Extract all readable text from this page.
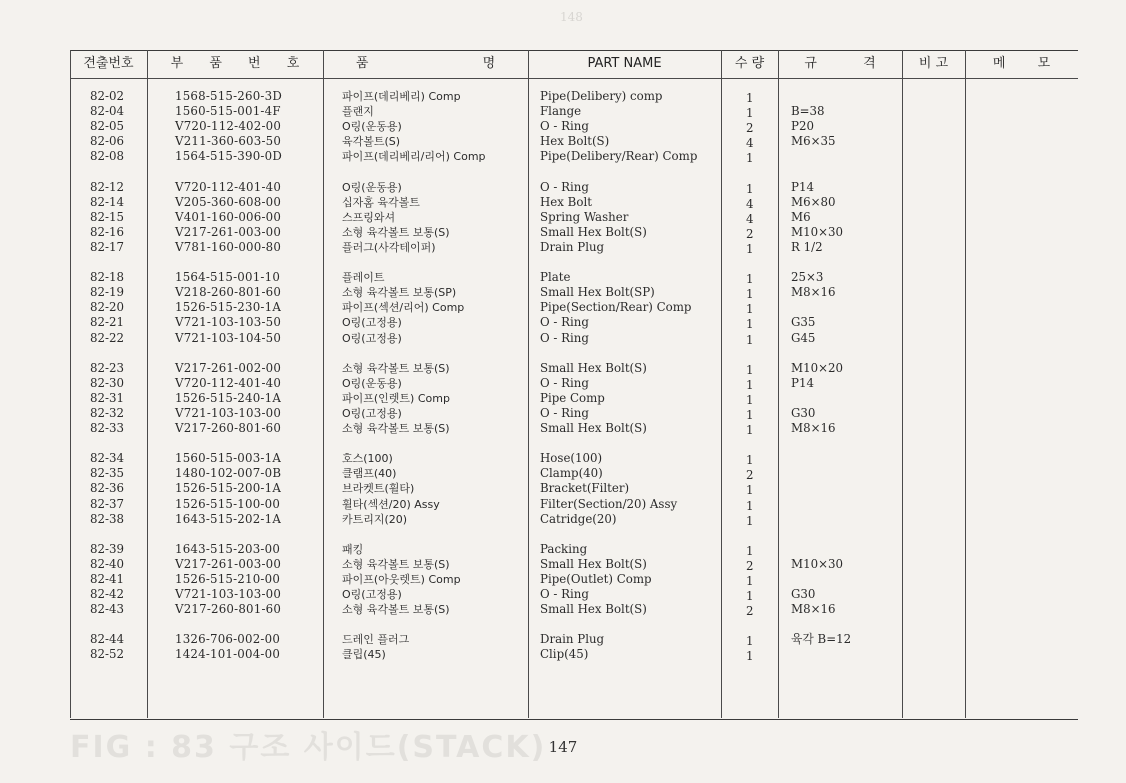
148
FIG : 83 구조 사이드(STACK)
견출번호	부 품 번 호	품 명	PART NAME	수 량	규 격	비 고	메 모
82-02	1568-515-260-3D	파이프(데리베리) Comp	Pipe(Delibery) comp	1
82-04	1560-515-001-4F	플랜지	Flange	1	B=38
82-05	V720-112-402-00	O링(운동용)	O - Ring	2	P20
82-06	V211-360-603-50	육각볼트(S)	Hex Bolt(S)	4	M6×35
82-08	1564-515-390-0D	파이프(데리베리/리어) Comp	Pipe(Delibery/Rear) Comp	1
82-12	V720-112-401-40	O링(운동용)	O - Ring	1	P14
82-14	V205-360-608-00	십자홈 육각볼트	Hex Bolt	4	M6×80
82-15	V401-160-006-00	스프링와셔	Spring Washer	4	M6
82-16	V217-261-003-00	소형 육각볼트 보통(S)	Small Hex Bolt(S)	2	M10×30
82-17	V781-160-000-80	플러그(사각테이퍼)	Drain Plug	1	R 1/2
82-18	1564-515-001-10	플레이트	Plate	1	25×3
82-19	V218-260-801-60	소형 육각볼트 보통(SP)	Small Hex Bolt(SP)	1	M8×16
82-20	1526-515-230-1A	파이프(섹션/리어) Comp	Pipe(Section/Rear) Comp	1
82-21	V721-103-103-50	O링(고정용)	O - Ring	1	G35
82-22	V721-103-104-50	O링(고정용)	O - Ring	1	G45
82-23	V217-261-002-00	소형 육각볼트 보통(S)	Small Hex Bolt(S)	1	M10×20
82-30	V720-112-401-40	O링(운동용)	O - Ring	1	P14
82-31	1526-515-240-1A	파이프(인렛트) Comp	Pipe Comp	1
82-32	V721-103-103-00	O링(고정용)	O - Ring	1	G30
82-33	V217-260-801-60	소형 육각볼트 보통(S)	Small Hex Bolt(S)	1	M8×16
82-34	1560-515-003-1A	호스(100)	Hose(100)	1
82-35	1480-102-007-0B	클램프(40)	Clamp(40)	2
82-36	1526-515-200-1A	브라켓트(휠타)	Bracket(Filter)	1
82-37	1526-515-100-00	휠타(섹션/20) Assy	Filter(Section/20) Assy	1
82-38	1643-515-202-1A	카트리지(20)	Catridge(20)	1
82-39	1643-515-203-00	패킹	Packing	1
82-40	V217-261-003-00	소형 육각볼트 보통(S)	Small Hex Bolt(S)	2	M10×30
82-41	1526-515-210-00	파이프(아웃렛트) Comp	Pipe(Outlet) Comp	1
82-42	V721-103-103-00	O링(고정용)	O - Ring	1	G30
82-43	V217-260-801-60	소형 육각볼트 보통(S)	Small Hex Bolt(S)	2	M8×16
82-44	1326-706-002-00	드레인 플러그	Drain Plug	1	육각 B=12
82-52	1424-101-004-00	클립(45)	Clip(45)	1
147
